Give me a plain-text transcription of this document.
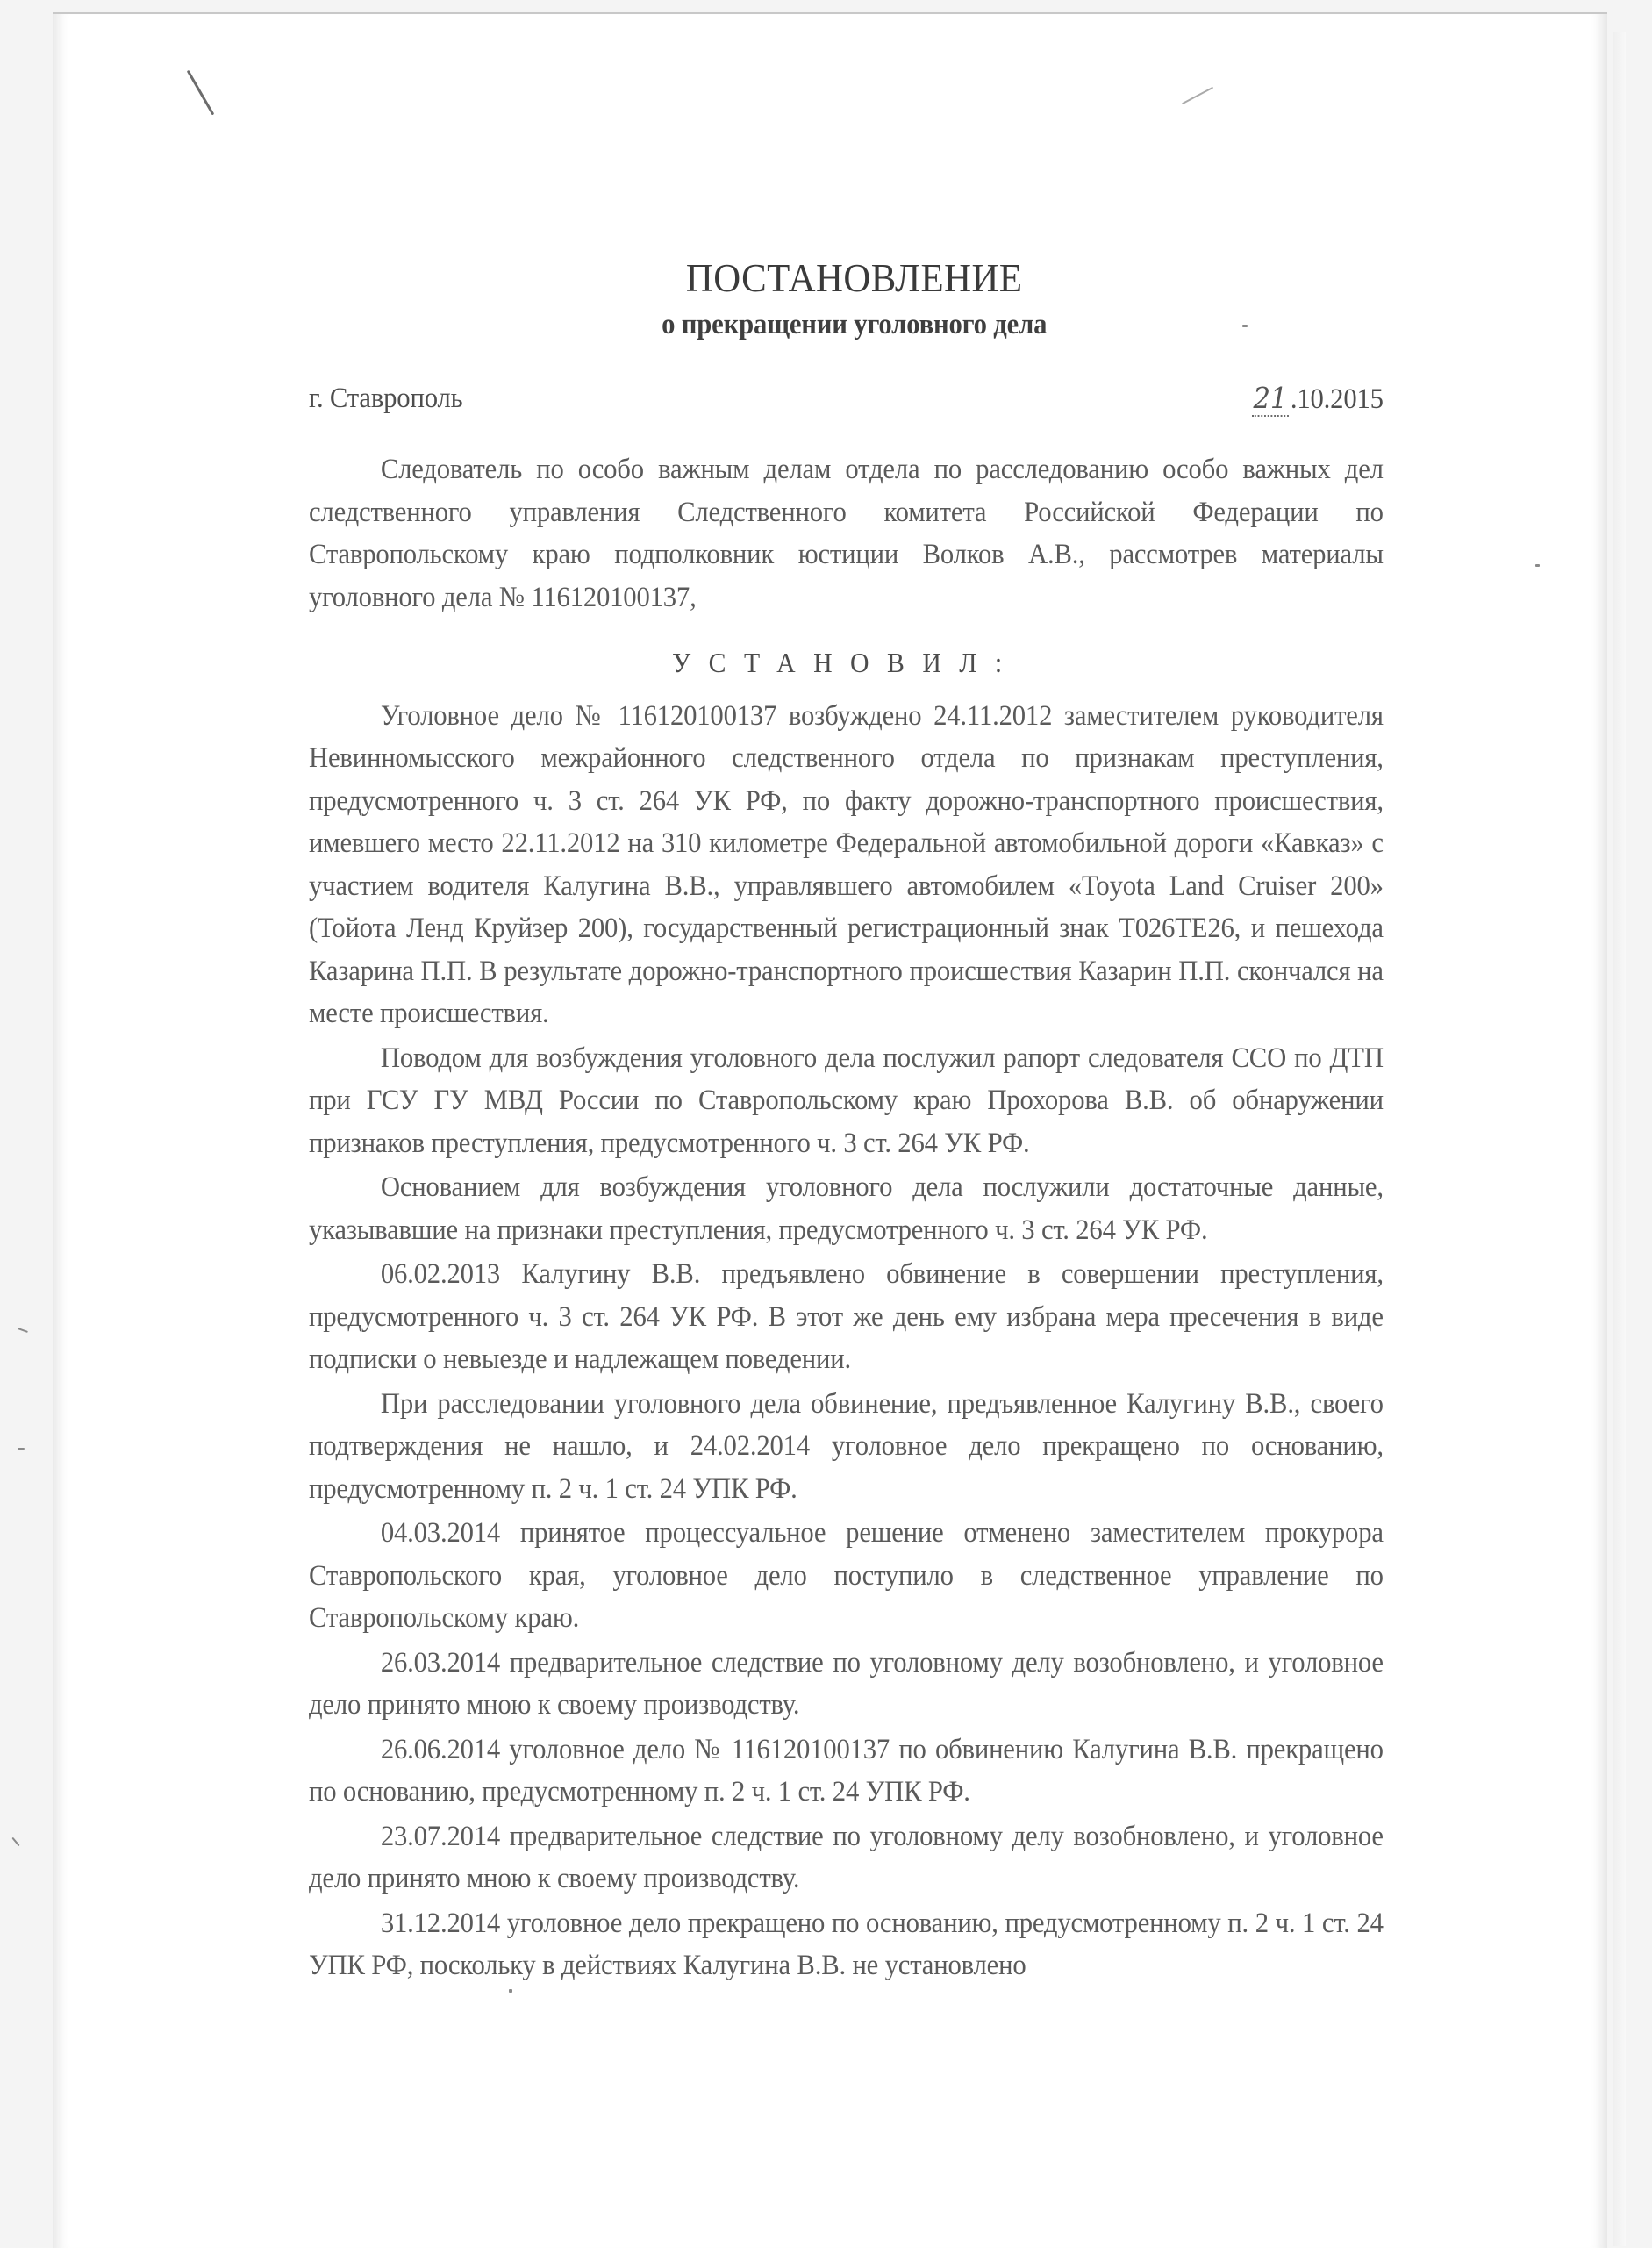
ПОСТАНОВЛЕНИЕ
о прекращении уголовного дела
г. Ставрополь	21 .10.2015

Следователь по особо важным делам отдела по расследованию особо важных дел следственного управления Следственного комитета Российской Федерации по Ставропольскому краю подполковник юстиции Волков А.В., рассмотрев материалы уголовного дела № 116120100137,

УСТАНОВИЛ:

Уголовное дело № 116120100137 возбуждено 24.11.2012 заместителем руководителя Невинномысского межрайонного следственного отдела по признакам преступления, предусмотренного ч. 3 ст. 264 УК РФ, по факту дорожно-транспортного происшествия, имевшего место 22.11.2012 на 310 километре Федеральной автомобильной дороги «Кавказ» с участием водителя Калугина В.В., управлявшего автомобилем «Toyota Land Cruiser 200» (Тойота Ленд Круйзер 200), государственный регистрационный знак Т026ТЕ26, и пешехода Казарина П.П. В результате дорожно-транспортного происшествия Казарин П.П. скончался на месте происшествия.

Поводом для возбуждения уголовного дела послужил рапорт следователя ССО по ДТП при ГСУ ГУ МВД России по Ставропольскому краю Прохорова В.В. об обнаружении признаков преступления, предусмотренного ч. 3 ст. 264 УК РФ.

Основанием для возбуждения уголовного дела послужили достаточные данные, указывавшие на признаки преступления, предусмотренного ч. 3 ст. 264 УК РФ.

06.02.2013 Калугину В.В. предъявлено обвинение в совершении преступления, предусмотренного ч. 3 ст. 264 УК РФ. В этот же день ему избрана мера пресечения в виде подписки о невыезде и надлежащем поведении.

При расследовании уголовного дела обвинение, предъявленное Калугину В.В., своего подтверждения не нашло, и 24.02.2014 уголовное дело прекращено по основанию, предусмотренному п. 2 ч. 1 ст. 24 УПК РФ.

04.03.2014 принятое процессуальное решение отменено заместителем прокурора Ставропольского края, уголовное дело поступило в следственное управление по Ставропольскому краю.

26.03.2014 предварительное следствие по уголовному делу возобновлено, и уголовное дело принято мною к своему производству.

26.06.2014 уголовное дело № 116120100137 по обвинению Калугина В.В. прекращено по основанию, предусмотренному п. 2 ч. 1 ст. 24 УПК РФ.

23.07.2014 предварительное следствие по уголовному делу возобновлено, и уголовное дело принято мною к своему производству.

31.12.2014 уголовное дело прекращено по основанию, предусмотренному п. 2 ч. 1 ст. 24 УПК РФ, поскольку в действиях Калугина В.В. не установлено
